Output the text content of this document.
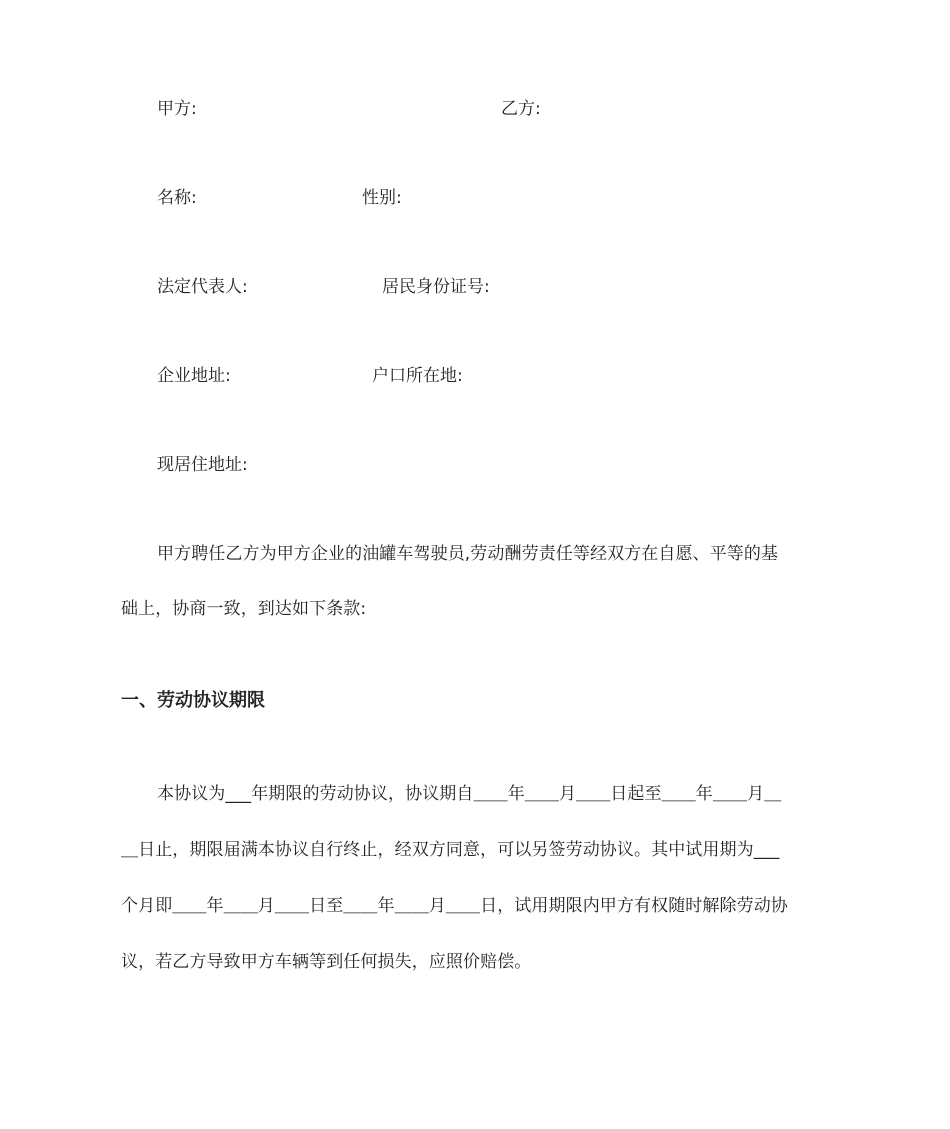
甲方:	乙方:
名称:	性别:
法定代表人:	居民身份证号:
企业地址:	户口所在地:
现居住地址:
甲方聘任乙方为甲方企业的油罐车驾驶员,劳动酬劳责任等经双方在自愿、平等的基
础上，协商一致，到达如下条款:
一、劳动协议期限
本协议为___年期限的劳动协议，协议期自＿＿年＿＿月＿＿日起至＿＿年＿＿月＿
＿日止，期限届满本协议自行终止，经双方同意，可以另签劳动协议。其中试用期为___
个月即＿＿年＿＿月＿＿日至＿＿年＿＿月＿＿日，试用期限内甲方有权随时解除劳动协
议，若乙方导致甲方车辆等到任何损失，应照价赔偿。
